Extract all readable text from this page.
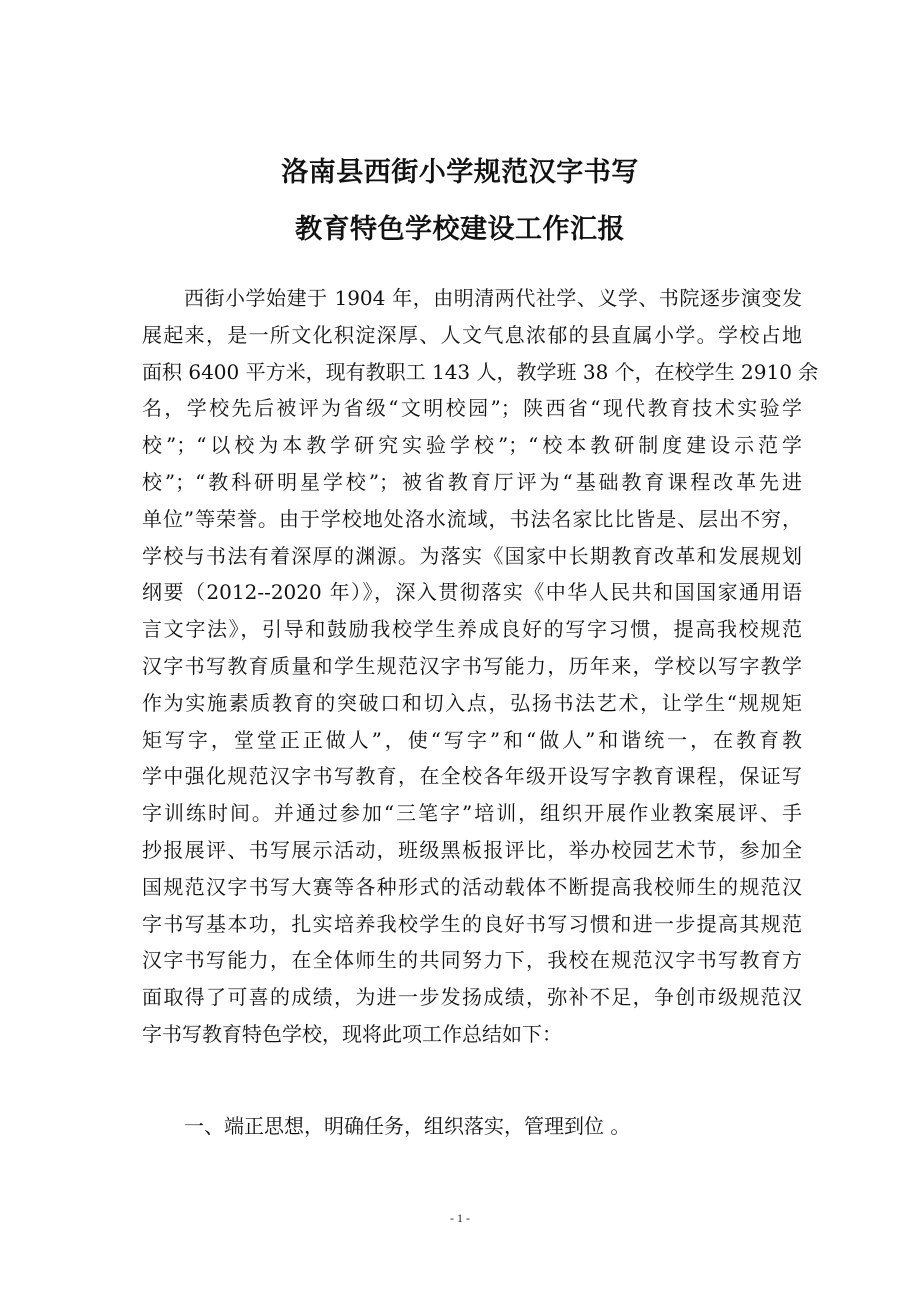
洛南县西街小学规范汉字书写
教育特色学校建设工作汇报
西街小学始建于 1904 年，由明清两代社学、义学、书院逐步演变发
展起来，是一所文化积淀深厚、人文气息浓郁的县直属小学。学校占地
面积 6400 平方米，现有教职工 143 人，教学班 38 个，在校学生 2910 余
名，学校先后被评为省级“文明校园”；陕西省“现代教育技术实验学
校”；“以校为本教学研究实验学校”；“校本教研制度建设示范学
校”；“教科研明星学校”；被省教育厅评为“基础教育课程改革先进
单位”等荣誉。由于学校地处洛水流域，书法名家比比皆是、层出不穷，
学校与书法有着深厚的渊源。为落实《国家中长期教育改革和发展规划
纲要（2012--2020 年）》，深入贯彻落实《中华人民共和国国家通用语
言文字法》，引导和鼓励我校学生养成良好的写字习惯，提高我校规范
汉字书写教育质量和学生规范汉字书写能力，历年来，学校以写字教学
作为实施素质教育的突破口和切入点，弘扬书法艺术，让学生“规规矩
矩写字，堂堂正正做人”，使“写字”和“做人”和谐统一，在教育教
学中强化规范汉字书写教育，在全校各年级开设写字教育课程，保证写
字训练时间。并通过参加“三笔字”培训，组织开展作业教案展评、手
抄报展评、书写展示活动，班级黑板报评比，举办校园艺术节，参加全
国规范汉字书写大赛等各种形式的活动载体不断提高我校师生的规范汉
字书写基本功，扎实培养我校学生的良好书写习惯和进一步提高其规范
汉字书写能力，在全体师生的共同努力下，我校在规范汉字书写教育方
面取得了可喜的成绩，为进一步发扬成绩，弥补不足，争创市级规范汉
字书写教育特色学校，现将此项工作总结如下：
一、端正思想，明确任务，组织落实，管理到位 。
- 1 -
